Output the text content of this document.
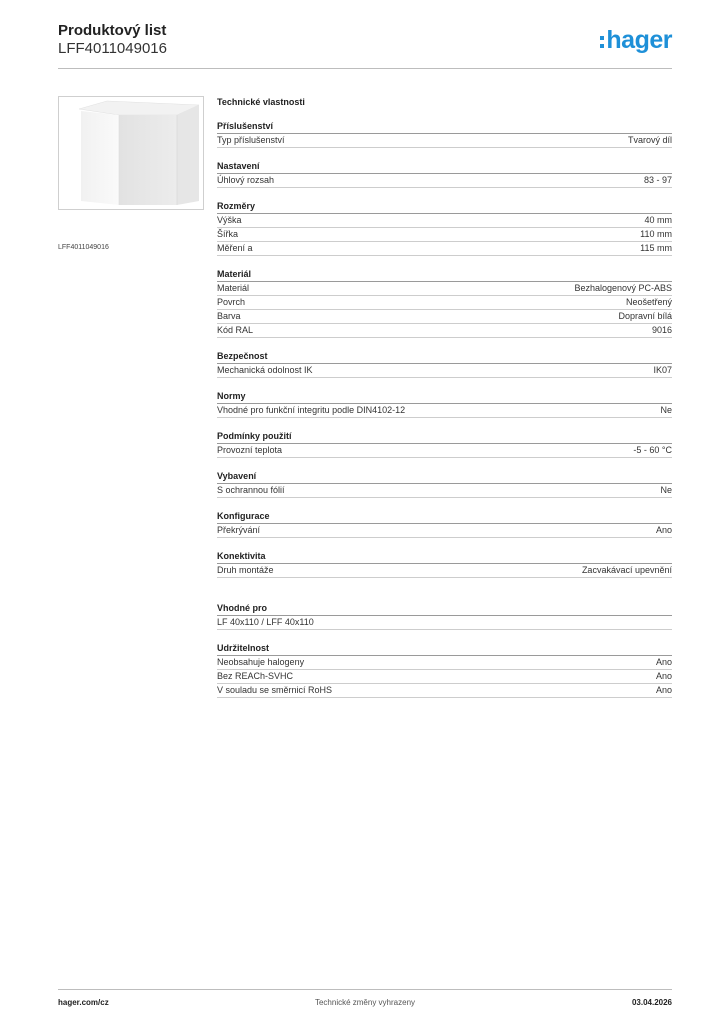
Produktový list
LFF4011049016	hager
LFF4011049016
Technické vlastnosti
Příslušenství
Typ příslušenství	Tvarový díl
Nastavení
Úhlový rozsah	83 - 97
Rozměry
Výška	40 mm
Šířka	110 mm
Měření a	115 mm
Materiál
Materiál	Bezhalogenový PC-ABS
Povrch	Neošetřený
Barva	Dopravní bílá
Kód RAL	9016
Bezpečnost
Mechanická odolnost IK	IK07
Normy
Vhodné pro funkční integritu podle DIN4102-12	Ne
Podmínky použití
Provozní teplota	-5 - 60 °C
Vybavení
S ochrannou fólií	Ne
Konfigurace
Překrývání	Ano
Konektivita
Druh montáže	Zacvakávací upevnění
Vhodné pro
LF 40x110 / LFF 40x110
Udržitelnost
Neobsahuje halogeny	Ano
Bez REACh-SVHC	Ano
V souladu se směrnicí RoHS	Ano
hager.com/cz	Technické změny vyhrazeny	03.04.2026
